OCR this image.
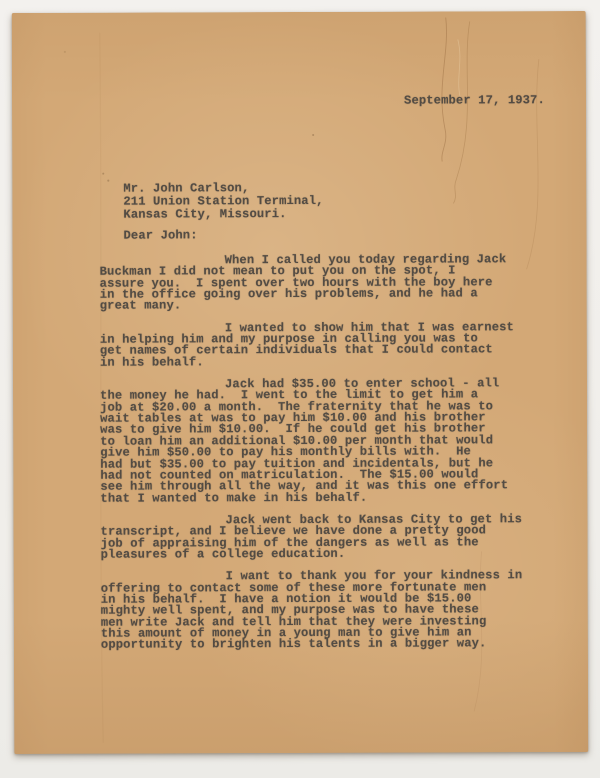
September 17, 1937.
Mr. John Carlson,
211 Union Station Terminal,
Kansas City, Missouri.
Dear John:
When I called you today regarding Jack
Buckman I did not mean to put you on the spot, I
assure you.  I spent over two hours with the boy here
in the office going over his problems, and he had a
great many.
I wanted to show him that I was earnest
in helping him and my purpose in calling you was to
get names of certain individuals that I could contact
in his behalf.
Jack had $35.00 to enter school - all
the money he had.  I went to the limit to get him a
job at $20.00 a month.  The fraternity that he was to
wait tables at was to pay him $10.00 and his brother
was to give him $10.00.  If he could get his brother
to loan him an additional $10.00 per month that would
give him $50.00 to pay his monthly bills with.  He
had but $35.00 to pay tuition and incidentals, but he
had not counted on matriculation.  The $15.00 would
see him through all the way, and it was this one effort
that I wanted to make in his behalf.
Jack went back to Kansas City to get his
transcript, and I believe we have done a pretty good
job of appraising him of the dangers as well as the
pleasures of a college education.
I want to thank you for your kindness in
offering to contact some of these more fortunate men
in his behalf.  I have a notion it would be $15.00
mighty well spent, and my purpose was to have these
men write Jack and tell him that they were investing
this amount of money in a young man to give him an
opportunity to brighten his talents in a bigger way.
